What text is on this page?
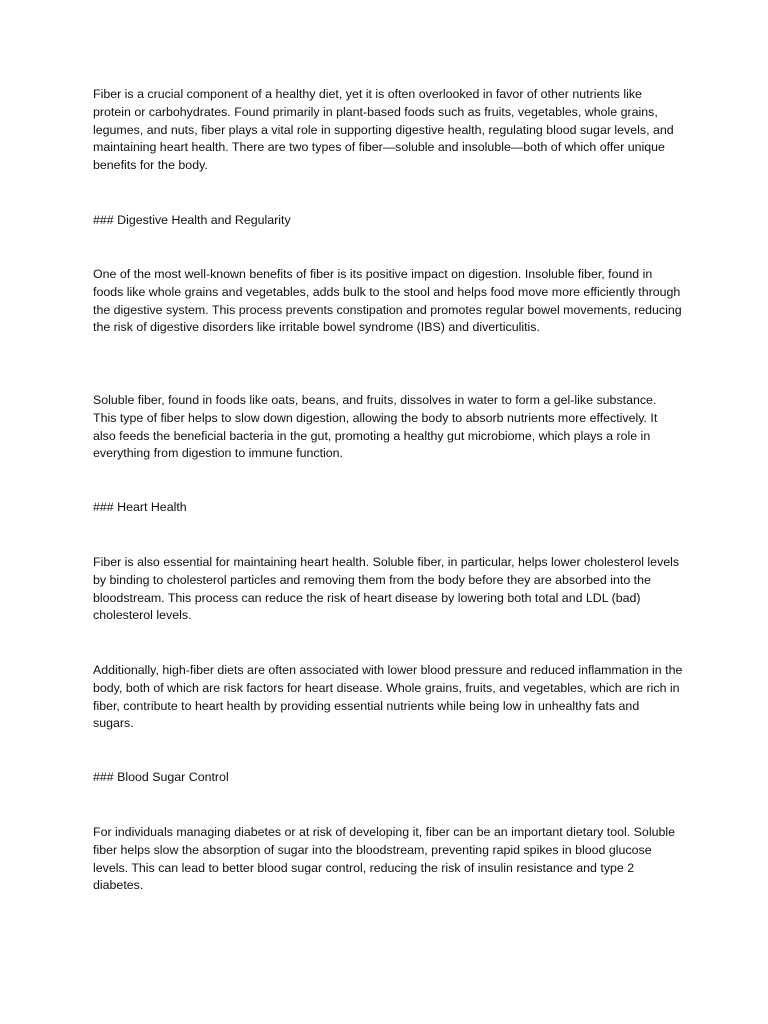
Fiber is a crucial component of a healthy diet, yet it is often overlooked in favor of other nutrients like protein or carbohydrates. Found primarily in plant-based foods such as fruits, vegetables, whole grains, legumes, and nuts, fiber plays a vital role in supporting digestive health, regulating blood sugar levels, and maintaining heart health. There are two types of fiber—soluble and insoluble—both of which offer unique benefits for the body.

### Digestive Health and Regularity

One of the most well-known benefits of fiber is its positive impact on digestion. Insoluble fiber, found in foods like whole grains and vegetables, adds bulk to the stool and helps food move more efficiently through the digestive system. This process prevents constipation and promotes regular bowel movements, reducing the risk of digestive disorders like irritable bowel syndrome (IBS) and diverticulitis.

Soluble fiber, found in foods like oats, beans, and fruits, dissolves in water to form a gel-like substance. This type of fiber helps to slow down digestion, allowing the body to absorb nutrients more effectively. It also feeds the beneficial bacteria in the gut, promoting a healthy gut microbiome, which plays a role in everything from digestion to immune function.

### Heart Health

Fiber is also essential for maintaining heart health. Soluble fiber, in particular, helps lower cholesterol levels by binding to cholesterol particles and removing them from the body before they are absorbed into the bloodstream. This process can reduce the risk of heart disease by lowering both total and LDL (bad) cholesterol levels.

Additionally, high-fiber diets are often associated with lower blood pressure and reduced inflammation in the body, both of which are risk factors for heart disease. Whole grains, fruits, and vegetables, which are rich in fiber, contribute to heart health by providing essential nutrients while being low in unhealthy fats and sugars.

### Blood Sugar Control

For individuals managing diabetes or at risk of developing it, fiber can be an important dietary tool. Soluble fiber helps slow the absorption of sugar into the bloodstream, preventing rapid spikes in blood glucose levels. This can lead to better blood sugar control, reducing the risk of insulin resistance and type 2 diabetes.
